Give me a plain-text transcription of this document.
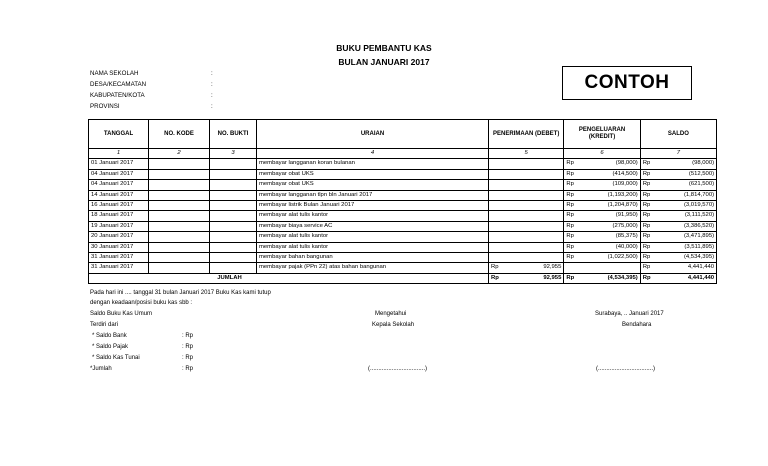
BUKU PEMBANTU KAS
BULAN JANUARI 2017
NAMA SEKOLAH	:
DESA/KECAMATAN	:
KABUPATEN/KOTA	:
PROVINSI	:
CONTOH
TANGGAL	NO. KODE	NO. BUKTI	URAIAN	PENERIMAAN (DEBET)		PENGELUARAN (KREDIT)		SALDO	
1	2	3	4	5		6		7	
01 Januari 2017			membayar langganan koran bulanan			Rp	(98,000)	Rp	(98,000)
04 Januari 2017			membayar obat UKS			Rp	(414,500)	Rp	(512,500)
04 Januari 2017			membayar obat UKS			Rp	(109,000)	Rp	(621,500)
14 Januari 2017			membayar langganan tlpn bln Januari 2017			Rp	(1,193,200)	Rp	(1,814,700)
16 Januari 2017			membayar listrik Bulan Januari 2017			Rp	(1,204,870)	Rp	(3,019,570)
18 Januari 2017			membayar alat tulis kantor			Rp	(91,950)	Rp	(3,111,520)
19 Januari 2017			membayar biaya service AC			Rp	(275,000)	Rp	(3,386,520)
20 Januari 2017			membayar alat tulis kantor			Rp	(85,375)	Rp	(3,471,895)
30 Januari 2017			membayar alat tulis kantor			Rp	(40,000)	Rp	(3,511,895)
31 Januari 2017			membayar bahan bangunan			Rp	(1,022,500)	Rp	(4,534,395)
31 Januari 2017			membayar pajak (PPn 22) atas bahan bangunan	Rp	92,955			Rp	4,441,440
JUMLAH				Rp	92,955	Rp	(4,534,395)	Rp	4,441,440
Pada hari ini .... tanggal 31 bulan Januari 2017 Buku Kas kami tutup
dengan keadaan/posisi buku kas sbb :
Saldo Buku Kas Umum
Terdiri dari
* Saldo Bank	: Rp
* Saldo Pajak	: Rp
* Saldo Kas Tunai	: Rp
*Jumlah	: Rp
Mengetahui
Kepala Sekolah
Surabaya, .. Januari 2017
Bendahara
(.................................)	(.................................)
